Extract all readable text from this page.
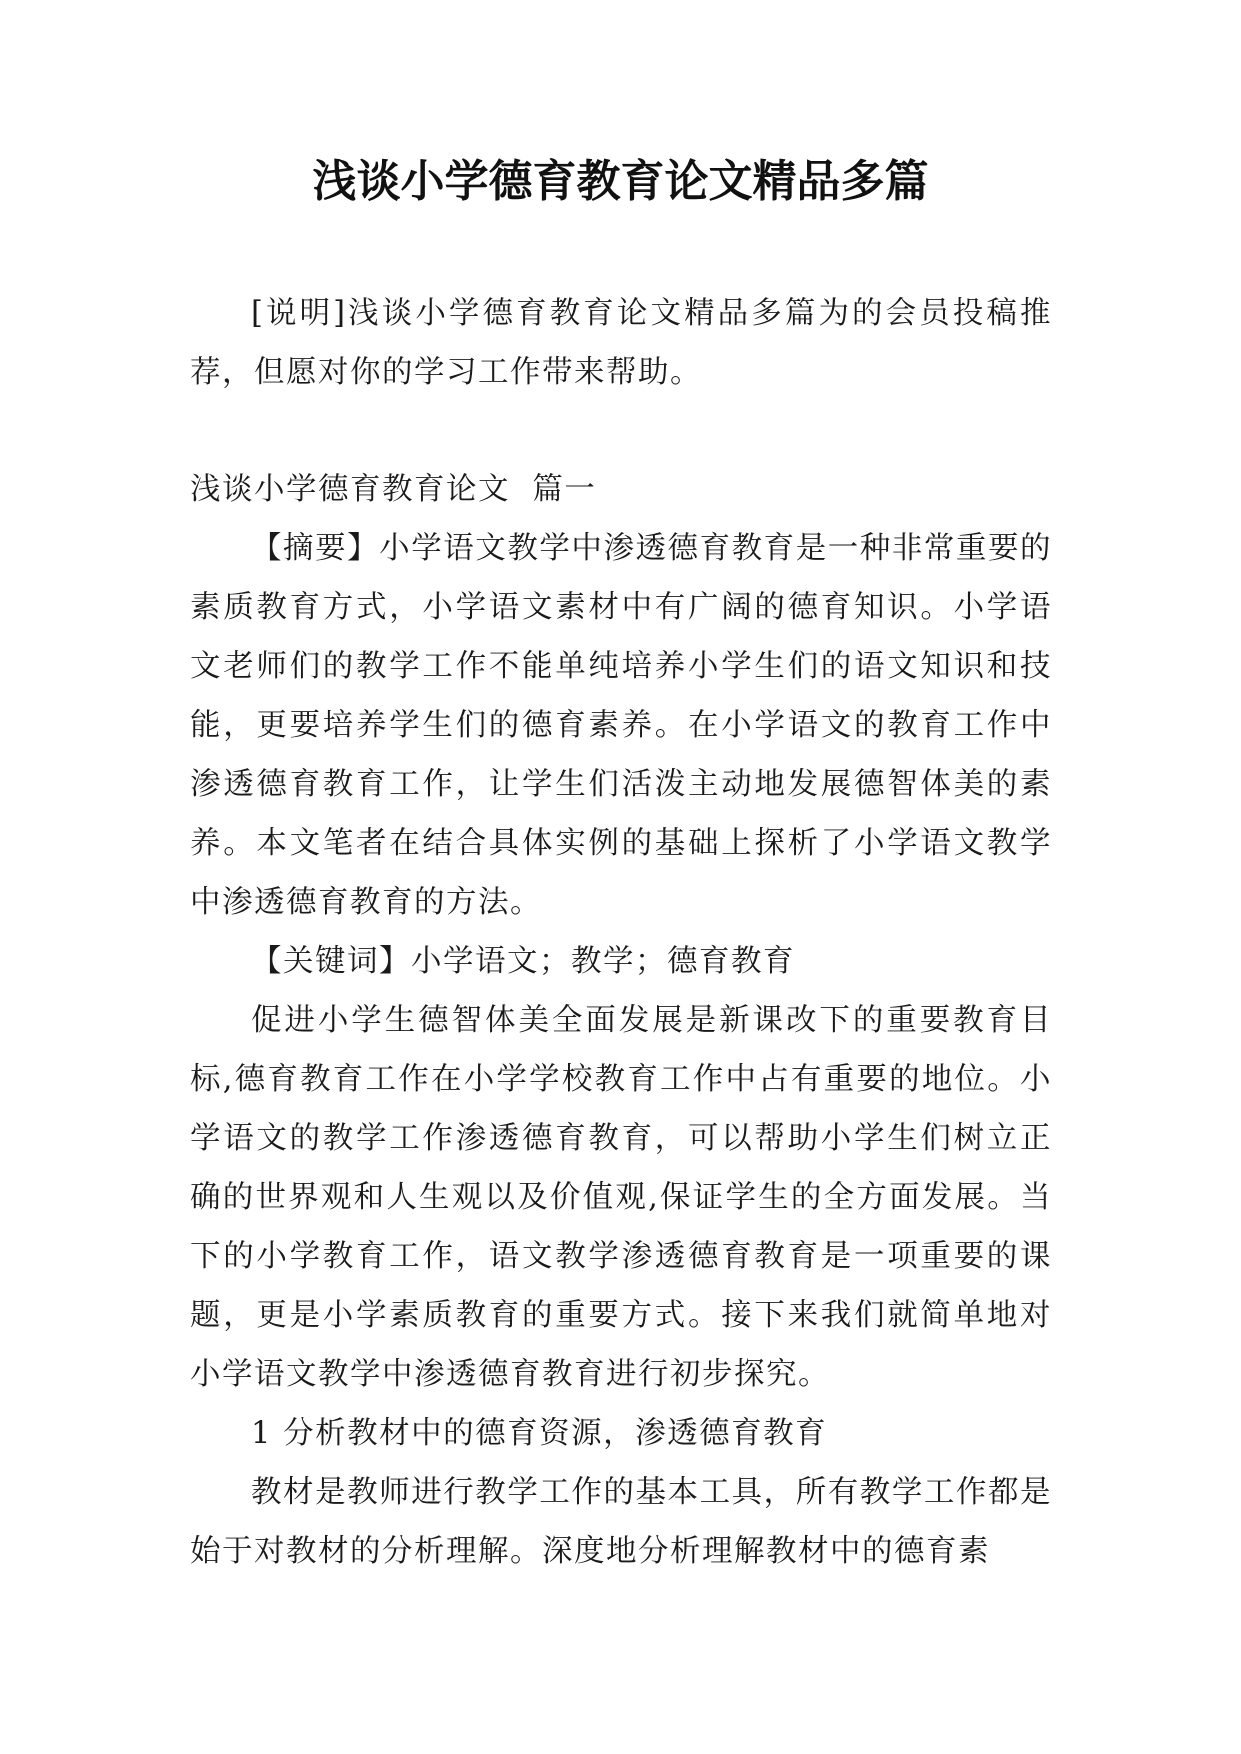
浅谈小学德育教育论文精品多篇

[说明]浅谈小学德育教育论文精品多篇为的会员投稿推荐，但愿对你的学习工作带来帮助。

浅谈小学德育教育论文  篇一

【摘要】小学语文教学中渗透德育教育是一种非常重要的素质教育方式，小学语文素材中有广阔的德育知识。小学语文老师们的教学工作不能单纯培养小学生们的语文知识和技能，更要培养学生们的德育素养。在小学语文的教育工作中渗透德育教育工作，让学生们活泼主动地发展德智体美的素养。本文笔者在结合具体实例的基础上探析了小学语文教学中渗透德育教育的方法。

【关键词】小学语文；教学；德育教育

促进小学生德智体美全面发展是新课改下的重要教育目标,德育教育工作在小学学校教育工作中占有重要的地位。小学语文的教学工作渗透德育教育，可以帮助小学生们树立正确的世界观和人生观以及价值观,保证学生的全方面发展。当下的小学教育工作，语文教学渗透德育教育是一项重要的课题，更是小学素质教育的重要方式。接下来我们就简单地对小学语文教学中渗透德育教育进行初步探究。

1 分析教材中的德育资源，渗透德育教育

教材是教师进行教学工作的基本工具，所有教学工作都是始于对教材的分析理解。深度地分析理解教材中的德育素
